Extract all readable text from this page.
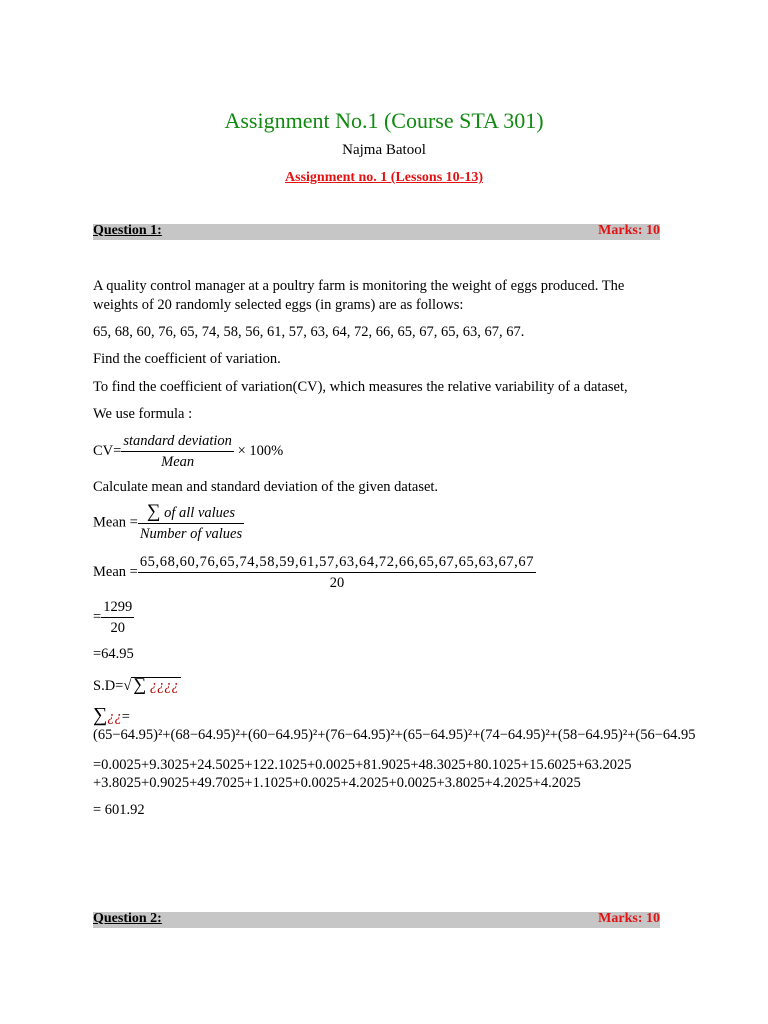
Assignment No.1 (Course STA 301)
Najma Batool
Assignment no. 1 (Lessons 10-13)
Question 1:	Marks: 10
A quality control manager at a poultry farm is monitoring the weight of eggs produced. The
weights of 20 randomly selected eggs (in grams) are as follows:
65, 68, 60, 76, 65, 74, 58, 56, 61, 57, 63, 64, 72, 66, 65, 67, 65, 63, 67, 67.
Find the coefficient of variation.
To find the coefficient of variation(CV), which measures the relative variability of a dataset,
We use formula :
$CV= \frac{\text{standard deviation}}{\text{Mean}} \times 100\%$
Calculate mean and standard deviation of the given dataset.
Mean = $\frac{\text{∑ of all values}}{\text{Number of values}}$
Mean = $\frac{65,68,60,76,65,74,58,59,61,57,63,64,72,66,65,67,65,63,67,67}{20}$
= $\frac{1299}{20}$
=64.95
S.D=√ ∑ ¿¿¿¿
∑¿¿=
(65−64.95)²+(68−64.95)²+(60−64.95)²+(76−64.95)²+(65−64.95)²+(74−64.95)²+(58−64.95)²+(56−64.95
=0.0025+9.3025+24.5025+122.1025+0.0025+81.9025+48.3025+80.1025+15.6025+63.2025
+3.8025+0.9025+49.7025+1.1025+0.0025+4.2025+0.0025+3.8025+4.2025+4.2025
= 601.92
Question 2:	Marks: 10
